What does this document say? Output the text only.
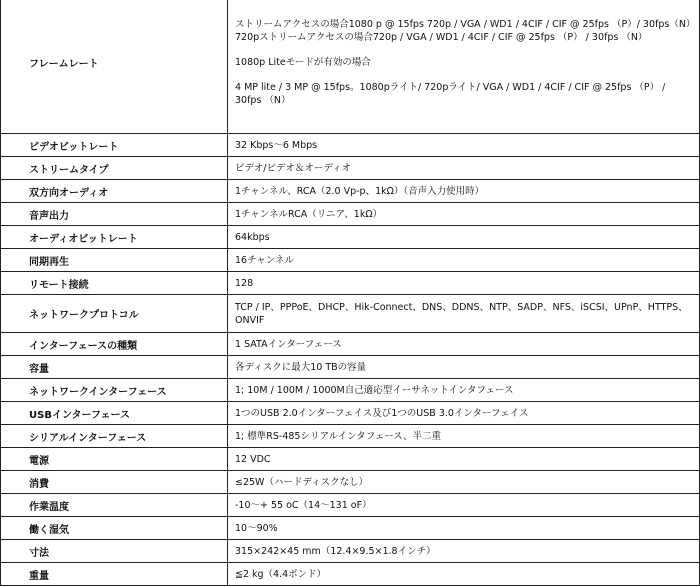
フレームレート	ストリームアクセスの場合1080 p @ 15fps 720p / VGA / WD1 / 4CIF / CIF @ 25fps （P）/ 30fps（N）
720pストリームアクセスの場合720p / VGA / WD1 / 4CIF / CIF @ 25fps （P） / 30fps （N）
1080p Liteモードが有効の場合
4 MP lite / 3 MP @ 15fps。1080pライト/ 720pライト/ VGA / WD1 / 4CIF / CIF @ 25fps （P） / 30fps （N）

ビデオビットレート	32 Kbps〜6 Mbps

ストリームタイプ	ビデオ/ビデオ＆オーディオ

双方向オーディオ	1チャンネル、RCA（2.0 Vp-p、1kΩ）（音声入力使用時）

音声出力	1チャンネルRCA（リニア、1kΩ）

オーディオビットレート	64kbps

同期再生	16チャンネル

リモート接続	128

ネットワークプロトコル	TCP / IP、PPPoE、DHCP、Hik-Connect、DNS、DDNS、NTP、SADP、NFS、iSCSI、UPnP、HTTPS、ONVIF

インターフェースの種類	1 SATAインターフェース

容量	各ディスクに最大10 TBの容量

ネットワークインターフェース	1; 10M / 100M / 1000M自己適応型イーサネットインタフェース

USBインターフェース	1つのUSB 2.0インターフェイス及び1つのUSB 3.0インターフェイス

シリアルインターフェース	1; 標準RS-485シリアルインタフェース、半二重

電源	12 VDC

消費	≤25W（ハードディスクなし）

作業温度	-10〜+ 55 oC（14〜131 oF）

働く湿気	10〜90%

寸法	315×242×45 mm（12.4×9.5×1.8インチ）

重量	≦2 kg（4.4ポンド）
